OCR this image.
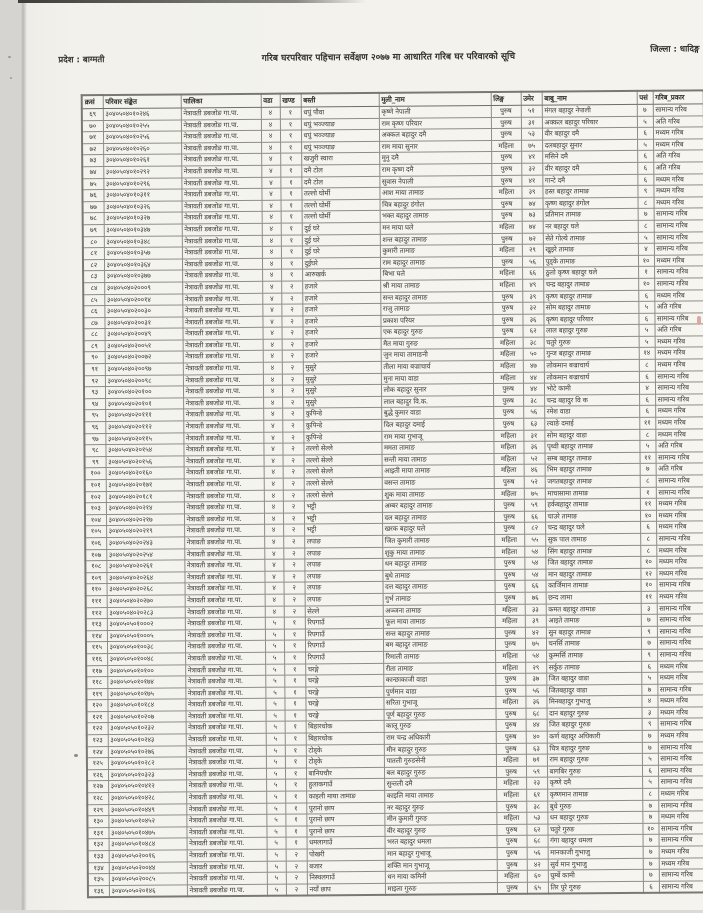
प्रदेश : बाग्मती	गरिब घरपरिवार पहिचान सर्वेक्षण २०७७ मा आधारित गरिब घर परिवारको सूचि
जिल्ला : धादिङ्ग
क्रसं	परिवार संङ्केत	पालिका	वडा	खण्ड	बस्ती	मुली_नाम	लिङ्ग	उमेर	बाबु_नाम	पसं	गरिब_प्रकार
६९	३०४०५०४०१०२४६	नेत्रावती डबजोङ गा.पा.	४	१	धपुं पौवा	कृष्णे नेपाली	पुरुष	५१	मंगल बहादुर नेपाली	७	सामान्य गरिब
७०	३०४०५०४०१०२५५	नेत्रावती डबजोङ गा.पा.	४	१	धपुं भञ्ज्याङ	राम कृष्ण परियार	पुरुष	३१	अक्कल बहादुर परियार	५	अति गरिब
७१	३०४०५०४०१०२५६	नेत्रावती डबजोङ गा.पा.	४	१	धपुं भञ्ज्याङ	अक्कल बहादुर दमै	पुरुष	५३	वीर बहादुर दमै	६	मध्यम गरिब
७२	३०४०५०४०१०२६०	नेत्रावती डबजोङ गा.पा.	४	१	धपुं भञ्ज्याङ	राम माया सुनार	महिला	७५	दलबहादुर सुनार	५	मध्यम गरिब
७३	३०४०५०४०१०२६१	नेत्रावती डबजोङ गा.पा.	४	१	खजुरी स्वारा	मुनु दमै	पुरुष	४१	मसिने दमै	६	अति गरिब
७४	३०४०५०४०१०२९२	नेत्रावती डबजोङ गा.पा.	४	१	दमै टोल	राम कृष्ण दमै	पुरुष	३२	वीर बहादुर दमै	६	अति गरिब
७५	३०४०५०४०१०२९६	नेत्रावती डबजोङ गा.पा.	४	१	दमै टोल	सुवास नेपाली	पुरुष	४१	गान्टे दमै	६	मध्यम गरिब
७६	३०४०५०४०१०३११	नेत्रावती डबजोङ गा.पा.	४	१	तल्लो घोर्मी	आश माया तामाङ	महिला	३९	हस्त बहादुर तामाङ	९	मध्यम गरिब
७७	३०४०५०४०१०३२६	नेत्रावती डबजोङ गा.पा.	४	१	तल्लो घोर्मी	चित्र बहादुर डंगोल	पुरुष	७४	कृष्ण बहादुर डंगोल	८	मध्यम गरिब
७८	३०४०५०४०१०३२७	नेत्रावती डबजोङ गा.पा.	४	१	तल्लो घोर्मी	भक्त बहादुर तामाङ	पुरुष	७३	प्रतिमान तामाङ	७	सामान्य गरिब
७९	३०४०५०४०१०३४७	नेत्रावती डबजोङ गा.पा.	४	१	दुई घरे	मन माया घले	महिला	७४	नर बहादुर घले	८	सामान्य गरिब
८०	३०४०५०४०१०३४८	नेत्रावती डबजोङ गा.पा.	४	१	दुई घरे	शन्त बहादुर तामाङ	पुरुष	७२	सेते गोल्ये तामाङ	५	सामान्य गरिब
८१	३०४०५०४०१०३५७	नेत्रावती डबजोङ गा.पा.	४	१	दुई घरे	कुमारी तामाङ	महिला	२९	खुइरे तामाङ	४	सामान्य गरिब
८२	३०४०५०४०१०३६४	नेत्रावती डबजोङ गा.पा.	४	१	दुईघरे	राम बहादुर तामाङ	पुरुष	५६	पुड्के तामाङ	१०	मध्यम गरिब
८३	३०४०५०४०१०३७७	नेत्रावती डबजोङ गा.पा.	४	१	आरुखर्क	बिभा घले	महिला	६६	ठुलो कृष्ण बहादुर घले	१	सामान्य गरिब
८४	३०४०५०४०२०००९	नेत्रावती डबजोङ गा.पा.	४	२	हजारे	श्री माया तामाङ	महिला	४९	चन्द्र बहादुर तामाङ	१०	सामान्य गरिब
८५	३०४०५०४०२००१४	नेत्रावती डबजोङ गा.पा.	४	२	हजारे	सन्त बहादुर तामाङ	पुरुष	३९	कृष्ण बहादुर तामाङ	६	मध्यम गरिब
८६	३०४०५०४०२००३०	नेत्रावती डबजोङ गा.पा.	४	२	हजारे	राजु तामाङ	पुरुष	३२	सोम बहादुर तामाङ	५	अति गरिब
८७	३०४०५०४०२००३१	नेत्रावती डबजोङ गा.पा.	४	२	हजारे	प्रकाश परियर	पुरुष	३६	कृष्ण बहादुर परियार	६	सामान्य गरिब
८८	३०४०५०४०२००४९	नेत्रावती डबजोङ गा.पा.	४	२	हजारे	एक बहादुर गुरुङ	पुरुष	६२	लाल बहादुर गुरुङ	५	अति गरिब
८९	३०४०५०४०२००५१	नेत्रावती डबजोङ गा.पा.	४	२	हजारे	मैत माया गुरुङ	महिला	३८	चतुरे गुरुङ	५	मध्यम गरिब
९०	३०४०५०४०२००७२	नेत्रावती डबजोङ गा.पा.	४	२	हजारे	जुन माया तामाङनी	महिला	५०	गुन्ज बहादुर तामाङ	१४	मध्यम गरिब
९१	३०४०५०४०२००९७	नेत्रावती डबजोङ गा.पा.	४	२	मुसुरे	तीला माया बज्राचार्य	महिला	४७	लोकमान बज्राचार्य	८	मध्यम गरिब
९२	३०४०५०४०२००९८	नेत्रावती डबजोङ गा.पा.	४	२	मुसुरे	मुना माया वाडा	महिला	४४	लोकमान बज्राचार्य	६	सामान्य गरिब
९३	३०४०५०४०२०१००	नेत्रावती डबजोङ गा.पा.	४	२	मुसुरे	लोक बहादुर सुनार	पुरुष	४४	भोटे कामी	४	सामान्य गरिब
९४	३०४०५०४०२०१०१	नेत्रावती डबजोङ गा.पा.	४	२	मुसुरे	लाल बहादुर वि.क.	पुरुष	३८	चन्द्र बहादुर वि क	६	सामान्य गरिब
९५	३०४०५०४०२०१११	नेत्रावती डबजोङ गा.पा.	४	२	कुपिन्डे	बुद्धे कुमार वाडा	पुरुष	५६	रमेश वाडा	६	मध्यम गरिब
९६	३०४०५०४०२०११२	नेत्रावती डबजोङ गा.पा.	४	२	कुपिन्डे	दिल बहादुर दमाई	पुरुष	६३	ल्वाङे दमाई	११	मध्यम गरिब
९७	३०४०५०४०२०११५	नेत्रावती डबजोङ गा.पा.	४	२	कुपिन्डे	राम माया गुभाजू	महिला	३१	सोम बहादुर वाडा	८	मध्यम गरिब
९८	३०४०५०४०२०१५४	नेत्रावती डबजोङ गा.पा.	४	२	तल्लो सेल्ले	ममता तामाङ	महिला	३६	पृथ्वी बहादुर तामाङ	५	अति गरिब
९९	३०४०५०४०२०१५६	नेत्रावती डबजोङ गा.पा.	४	२	तल्लो सेल्ले	सन्ती माया तामाङ	महिला	५२	सम्ब बहादुर तामाङ	११	सामान्य गरिब
१००	३०४०५०४०२०१६०	नेत्रावती डबजोङ गा.पा.	४	२	तल्लो सेल्ले	आइती माया तामाङ	महिला	४६	भिम बहादुर तामाङ	७	अति गरिब
१०१	३०४०५०४०२०१७१	नेत्रावती डबजोङ गा.पा.	४	२	तल्लो सेल्ले	वसन्त तामाङ	पुरुष	५२	जगतबहादुर तामाङ	८	सामान्य गरिब
१०२	३०४०५०४०२०१८१	नेत्रावती डबजोङ गा.पा.	४	२	तल्लो सेल्ले	शुक माया तामाङ	महिला	७५	माचासामा तामाङ	१	सामान्य गरिब
१०३	३०४०५०४०२०२१४	नेत्रावती डबजोङ गा.पा.	४	२	भट्टी	अम्बर बहादुर तामाङ	पुरुष	५९	हर्कबहादुर तामाङ	११	मध्यम गरिब
१०४	३०४०५०४०२०२१७	नेत्रावती डबजोङ गा.पा.	४	२	भट्टी	दल बहादुर तामाङ	पुरुष	६६	चाउरे तामाङ	१०	मध्यम गरिब
१०५	३०४०५०४०२०२१९	नेत्रावती डबजोङ गा.पा.	४	२	भट्टी	खरक बहादुर घले	पुरुष	८२	चन्द्र बहादुर घले	६	मध्यम गरिब
१०६	३०४०५०४०२०२४३	नेत्रावती डबजोङ गा.पा.	४	२	लपाङ	जित कुमारी तामाङ	महिला	५५	सुक पाल तामाङ	८	सामान्य गरिब
१०७	३०४०५०४०२०२५४	नेत्रावती डबजोङ गा.पा.	४	२	लपाङ	शुकु माया तामाङ	महिला	५४	सिंग बहादुर तामाङ	८	मध्यम गरिब
१०८	३०४०५०४०२०२६१	नेत्रावती डबजोङ गा.पा.	४	२	लपाङ	धन बहादुर तामाङ	पुरुष	५४	जित बहादुर तामाङ	१०	मध्यम गरिब
१०९	३०४०५०४०२०२६४	नेत्रावती डबजोङ गा.पा.	४	२	लपाङ	बुधे तामाङ	पुरुष	५४	मान बहादुर तामाङ	१२	मध्यम गरिब
११०	३०४०५०४०२०२६८	नेत्रावती डबजोङ गा.पा.	४	२	लपाङ	दत्त बहादुर तामाङ	पुरुष	६६	कार्जिमान तामाङ	१०	सामान्य गरिब
१११	३०४०५०४०२०२७०	नेत्रावती डबजोङ गा.पा.	४	२	लपाङ	गुर्भ तामाङ	पुरुष	७६	छन्द लामा	११	मध्यम गरिब
११२	३०४०५०४०२०२८३	नेत्रावती डबजोङ गा.पा.	४	२	सेल्ले	अञ्जना तामाङ	महिला	३३	कमत बहादुर तामाङ	३	सामान्य गरिब
११३	३०४०५०५०१०००२	नेत्रावती डबजोङ गा.पा.	५	१	रिपगाउँ	फूल माया तामाङ	महिला	३९	आइते तामाङ	७	सामान्य गरिब
११४	३०४०५०५०१०००५	नेत्रावती डबजोङ गा.पा.	५	१	रिपगाउँ	सन्त बहादुर तामाङ	पुरुष	४२	सुन बहादुर तामाङ	९	सामान्य गरिब
११५	३०४०५०५०१००३८	नेत्रावती डबजोङ गा.पा.	५	१	रिपगाउँ	बम बहादुर तामाङ	पुरुष	७५	चनर्सि तामाङ	७	सामान्य गरिब
११६	३०४०५०५०१००४८	नेत्रावती डबजोङ गा.पा.	५	१	रिपगाउँ	रिमाली तामाङ	महिला	५४	कुम्मर्सि तामाङ	९	सामान्य गरिब
११७	३०४०५०५०१०१००	नेत्रावती डबजोङ गा.पा.	५	१	चरङ्गे	रीता तामाङ	महिला	२९	सर्कुङ तामाङ	६	मध्यम गरिब
११८	३०४०५०५०१०१७४	नेत्रावती डबजोङ गा.पा.	५	१	चरङ्गे	कान्छाकाजी वाडा	पुरुष	३७	जित बहादुर वाडा	५	मध्यम गरिब
११९	३०४०५०५०१०१७५	नेत्रावती डबजोङ गा.पा.	५	१	चरङ्गे	पुर्णमान वाडा	पुरुष	५६	जितबहादुर वाडा	७	सामान्य गरिब
१२०	३०४०५०५०१०१८४	नेत्रावती डबजोङ गा.पा.	५	१	चरङ्गे	सरिता गुभाजू	महिला	३६	मिनबहादुर गुभाजु	४	मध्यम गरिब
१२१	३०४०५०५०१०२०७	नेत्रावती डबजोङ गा.पा.	५	१	चरङ्गे	पूर्ण बहादुर गुरुङ	पुरुष	६८	दान बहादुर गुरुङ	३	मध्यम गरिब
१२२	३०४०५०५०१०२३२	नेत्रावती डबजोङ गा.पा.	५	१	बिहारधोक	कालू गुरुङ	पुरुष	४४	जित बहादुर गुरुङ	९	सामान्य गरिब
१२३	३०४०५०५०१०२४३	नेत्रावती डबजोङ गा.पा.	५	१	बिहारधोक	राम चन्द्र अधिकारी	पुरुष	४०	कर्ण बहादुर अधिकारी	७	मध्यम गरिब
१२४	३०४०५०५०१०२७६	नेत्रावती डबजोङ गा.पा.	५	१	टोड्के	मीन बहादुर गुरुङ	पुरुष	६३	चित्र बहादुर गुरुङ	७	सामान्य गरिब
१२५	३०४०५०५०१०२८२	नेत्रावती डबजोङ गा.पा.	५	१	टोड्के	पातली गुरुङसेनी	महिला	७१	राम बहादुर गुरुङ	५	सामान्य गरिब
१२६	३०४०५०५०१०३२३	नेत्रावती डबजोङ गा.पा.	५	१	बानियचौर	बल बहादुर गुरुङ	पुरुष	५९	बागबिर गुरुङ	६	सामान्य गरिब
१२७	३०४०५०५०१०४१२	नेत्रावती डबजोङ गा.पा.	५	१	हुलाकगाउँ	सुन्तली दमै	महिला	२३	कृष्णे दमै	५	सामान्य गरिब
१२८	३०४०५०५०१०४२८	नेत्रावती डबजोङ गा.पा.	५	१	काइली माया तामाङ	काइलि माया तामाङ	महिला	६१	कृष्णमान तामाङ	८	मध्यम गरिब
१२९	३०४०५०५०१०४४९	नेत्रावती डबजोङ गा.पा.	५	१	पुरानो छाप	नर बहादुर गुरुङ	पुरुष	३८	बुधे गुरुङ	७	सामान्य गरिब
१३०	३०४०५०५०१०४५२	नेत्रावती डबजोङ गा.पा.	५	१	पुरानो छाप	मीन कुमारी गुरुङ	महिला	५३	धन बहादुर गुरुङ	७	मध्यम गरिब
१३१	३०४०५०५०१०४७५	नेत्रावती डबजोङ गा.पा.	५	१	पुरानो छाप	वीर बहादुर गुरुङ	पुरुष	६२	चतुरे गुरुङ	१०	सामान्य गरिब
१३२	३०४०५०५०१०४८४	नेत्रावती डबजोङ गा.पा.	५	१	धमलागाउँ	भरत बहादुर धमला	पुरुष	६८	गंगा बहादुर धमला	७	सामान्य गरिब
१३३	३०४०५०५०२००१६	नेत्रावती डबजोङ गा.पा.	५	२	पोखरी	मान बहादुर गुभाजू	पुरुष	५६	मानकाजी गुभाजु	७	मध्यम गरिब
१३४	३०४०५०५०२००४४	नेत्रावती डबजोङ गा.पा.	५	२	बजार	शक्ति मान गुभाजू	पुरुष	४२	सुर्य मान गुभाजु	७	मध्यम गरिब
१३५	३०४०५०५०२००८५	नेत्रावती डबजोङ गा.पा.	५	२	निस्थलगाउँ	धन माया कमिनी	महिला	६०	घुर्म्बे कामी	७	सामान्य गरिब
१३६	३०४०५०५०२०१४६	नेत्रावती डबजोङ गा.पा.	५	२	नयाँ छाप	माइला गुरुङ	पुरुष	६५	तिर पुरे गुरुङ	६	सामान्य गरिब
